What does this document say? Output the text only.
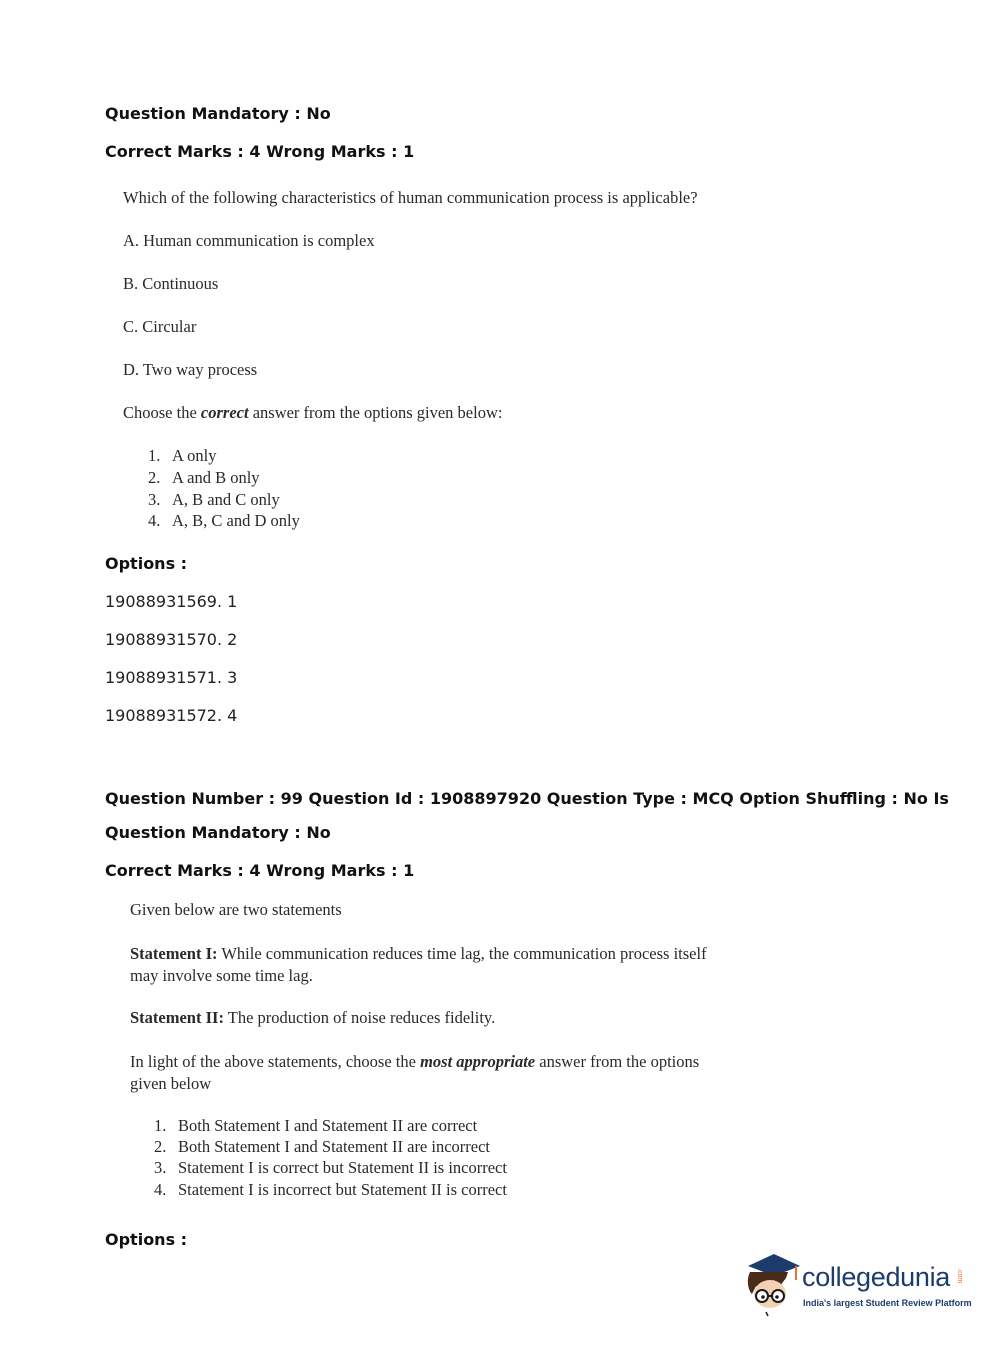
Question Mandatory : No
Correct Marks : 4 Wrong Marks : 1
Which of the following characteristics of human communication process is applicable?
A. Human communication is complex
B. Continuous
C. Circular
D. Two way process
Choose the correct answer from the options given below:
1. A only
2. A and B only
3. A, B and C only
4. A, B, C and D only
Options :
19088931569. 1
19088931570. 2
19088931571. 3
19088931572. 4
Question Number : 99 Question Id : 1908897920 Question Type : MCQ Option Shuffling : No Is
Question Mandatory : No
Correct Marks : 4 Wrong Marks : 1
Given below are two statements
Statement I: While communication reduces time lag, the communication process itself may involve some time lag.
Statement II: The production of noise reduces fidelity.
In light of the above statements, choose the most appropriate answer from the options given below
1. Both Statement I and Statement II are correct
2. Both Statement I and Statement II are incorrect
3. Statement I is correct but Statement II is incorrect
4. Statement I is incorrect but Statement II is correct
Options :
collegedunia .com
India's largest Student Review Platform
